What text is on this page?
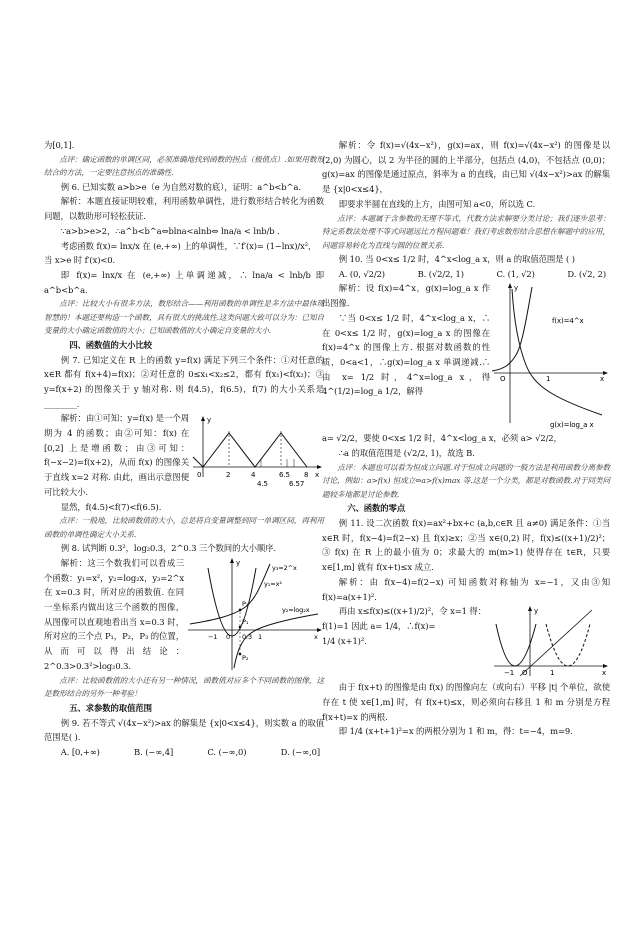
为[0,1].

点评：确定函数的单调区间，必须准确地找到函数的拐点（极值点）.如果用数形结合的方法，一定要注意拐点的准确性.

例 6. 已知实数 a>b>e（e 为自然对数的底），证明：a^b<b^a.

解析：本题直接证明较难，利用函数单调性，进行数形结合转化为函数问题，以数助形可轻松获证.

∵a>b>e>2，∴a^b<b^a⇔blna<alnb⇔ lna/a < lnb/b .

考虑函数 f(x)= lnx/x 在 (e,+∞) 上的单调性，∵f′(x)= (1−lnx)/x²，

当 x>e 时 f′(x)<0.

即 f(x)= lnx/x 在 (e,+∞) 上单调递减，∴ lna/a < lnb/b 即 a^b<b^a.

点评：比较大小有很多方法，数形结合——利用函数的单调性是多方法中最体现智慧的！本题还要构造一个函数，具有很大的挑战性.这类问题大致可以分为：已知自变量的大小确定函数值的大小；已知函数值的大小确定自变量的大小.

四、函数值的大小比较

例 7. 已知定义在 R 上的函数 y=f(x) 满足下列三个条件：①对任意的 x∈R 都有 f(x+4)=f(x)；②对任意的 0≤x₁<x₂≤2，都有 f(x₁)<f(x₂)；③ y=f(x+2) 的图像关于 y 轴对称. 则 f(4.5)，f(6.5)，f(7) 的大小关系是________.

解析：由①可知：y=f(x) 是一个周期为 4 的函数；由②可知：f(x) 在 [0,2] 上是增函数；由③可知：f(−x−2)=f(x+2)，从而 f(x) 的图像关于直线 x=2 对称. 由此，画出示意图便可比较大小.

y
0	2	4
4.5
6.5
6.57
8 x

显然，f(4.5)<f(7)<f(6.5).

点评：一般地，比较函数值的大小，总是将自变量调整到同一单调区间，再利用函数的单调性确定大小关系.

例 8. 试判断 0.3²，log₂0.3，2^0.3 三个数间的大小顺序.

解析：这三个数我们可以看成三个函数：y₁=x²，y₂=log₂x，y₃=2^x 在 x=0.3 时，所对应的函数值. 在同一坐标系内做出这三个函数的图像，从图像可以直观地看出当 x=0.3 时，所对应的三个点 P₁，P₂，P₃ 的位置，从而可以得出结论：2^0.3>0.3²>log₂0.3.

y
y₃=2^x
y₁=x²
y₂=log₂x
P₃
P₁
P₂
−1 0 0.3 1	x

点评：比较函数值的大小还有另一种情况，函数值对应多个不同函数的图像，这是数形结合的另外一种考验！

五、求参数的取值范围

例 9. 若不等式 √(4x−x²)>ax 的解集是 {x|0<x≤4}，则实数 a 的取值范围是( ).

A. [0,+∞)	B. (−∞,4]	C. (−∞,0)	D. (−∞,0]

解析：令 f(x)=√(4x−x²)，g(x)=ax，则 f(x)=√(4x−x²) 的图像是以 (2,0) 为圆心，以 2 为半径的圆的上半部分，包括点 (4,0)，不包括点 (0,0)；g(x)=ax 的图像是通过原点，斜率为 a 的直线，由已知 √(4x−x²)>ax 的解集是 {x|0<x≤4}，

即要求半圆在直线的上方，由图可知 a<0，所以选 C.

点评：本题属于含参数的无理不等式，代数方法求解要分类讨论；我们逐步思考：特定系数法处理不等式问题远比方程问题难！我们考虑数形结合思想在解题中的应用，问题容易转化为直线与圆的位置关系.

例 10. 当 0<x≤ 1/2 时，4^x<log_a x，则 a 的取值范围是 ( )

A. (0, √2/2)	B. (√2/2, 1)	C. (1, √2)	D. (√2, 2)

解析：设 f(x)=4^x，g(x)=log_a x 作出图像.

∵当 0<x≤ 1/2 时，4^x<log_a x，∴在 0<x≤ 1/2 时，g(x)=log_a x 的图像在 f(x)=4^x 的图像上方. 根据对数函数的性质，0<a<1，∴g(x)=log_a x 单调递减.∴由 x= 1/2 时，4^x=log_a x，得 4^(1/2)=log_a 1/2，解得

y
f(x)=4^x
g(x)=log_a x
O	1	x

a= √2/2，要使 0<x≤ 1/2 时，4^x<log_a x，必须 a> √2/2，

∴a 的取值范围是 (√2/2, 1)，故选 B.

点评：本题也可以看为恒成立问题.对于恒成立问题的一般方法是利用函数分离参数讨论，例如：a>f(x) 恒成立⇔a>f(x)max 等.这是一个分类，都是对数函数.对于同类问题较多地都是讨论参数.

六、函数的零点

例 11. 设二次函数 f(x)=ax²+bx+c (a,b,c∈R 且 a≠0) 满足条件：①当 x∈R 时，f(x−4)=f(2−x) 且 f(x)≥x；②当 x∈(0,2) 时，f(x)≤((x+1)/2)²；③ f(x) 在 R 上的最小值为 0；求最大的 m(m>1) 使得存在 t∈R，只要 x∈[1,m] 就有 f(x+t)≤x 成立.

解析：由 f(x−4)=f(2−x) 可知函数对称轴为 x=−1，又由③知 f(x)=a(x+1)².

再由 x≤f(x)≤((x+1)/2)²，令 x=1 得：

f(1)=1 因此 a= 1/4，∴f(x)=

1/4 (x+1)².

y
−1 O	1	x

由于 f(x+t) 的图像是由 f(x) 的图像向左（或向右）平移 |t| 个单位，欲使存在 t 使 x∈[1,m] 时，有 f(x+t)≤x，则必须向右移且 1 和 m 分别是方程 f(x+t)=x 的两根.

即 1/4 (x+t+1)²=x 的两根分别为 1 和 m，得：t=−4，m=9.
